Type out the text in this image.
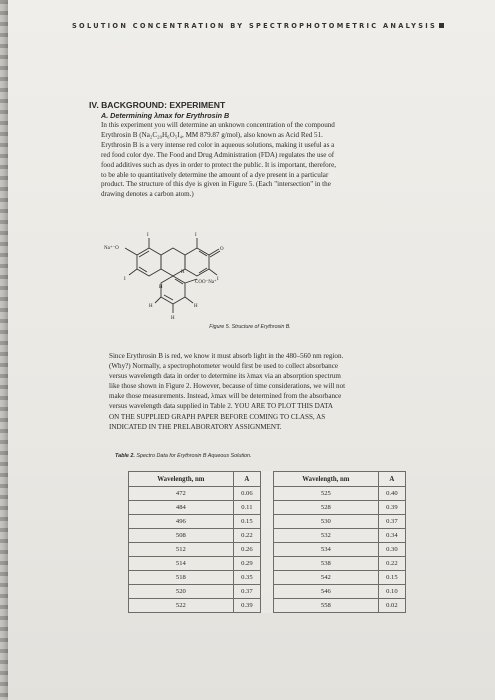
SOLUTION CONCENTRATION BY SPECTROPHOTOMETRIC ANALYSIS
IV. BACKGROUND: EXPERIMENT
A. Determining λmax for Erythrosin B
In this experiment you will determine an unknown concentration of the compound
Erythrosin B (Na₂C₂₀H₆O₅I₄, MM 879.87 g/mol), also known as Acid Red 51.
Erythrosin B is a very intense red color in aqueous solutions, making it useful as a
red food color dye. The Food and Drug Administration (FDA) regulates the use of
food additives such as dyes in order to protect the public. It is important, therefore,
to be able to quantitatively determine the amount of a dye present in a particular
product. The structure of this dye is given in Figure 5. (Each "intersection" in the
drawing denotes a carbon atom.)
Na⁺⁻O
I	I
O
I	I
H
H
H
COO⁻Na⁺
H
H
Figure 5. Structure of Erythrosin B.
Since Erythrosin B is red, we know it must absorb light in the 480–560 nm region.
(Why?) Normally, a spectrophotometer would first be used to collect absorbance
versus wavelength data in order to determine its λmax via an absorption spectrum
like those shown in Figure 2. However, because of time considerations, we will not
make those measurements. Instead, λmax will be determined from the absorbance
versus wavelength data supplied in Table 2. YOU ARE TO PLOT THIS DATA
ON THE SUPPLIED GRAPH PAPER BEFORE COMING TO CLASS, AS
INDICATED IN THE PRELABORATORY ASSIGNMENT.
Table 2. Spectro Data for Erythrosin B Aqueous Solution.
Wavelength, nm	A		Wavelength, nm	A
472	0.06		525	0.40
484	0.11		528	0.39
496	0.15		530	0.37
508	0.22		532	0.34
512	0.26		534	0.30
514	0.29		538	0.22
518	0.35		542	0.15
520	0.37		546	0.10
522	0.39		558	0.02
